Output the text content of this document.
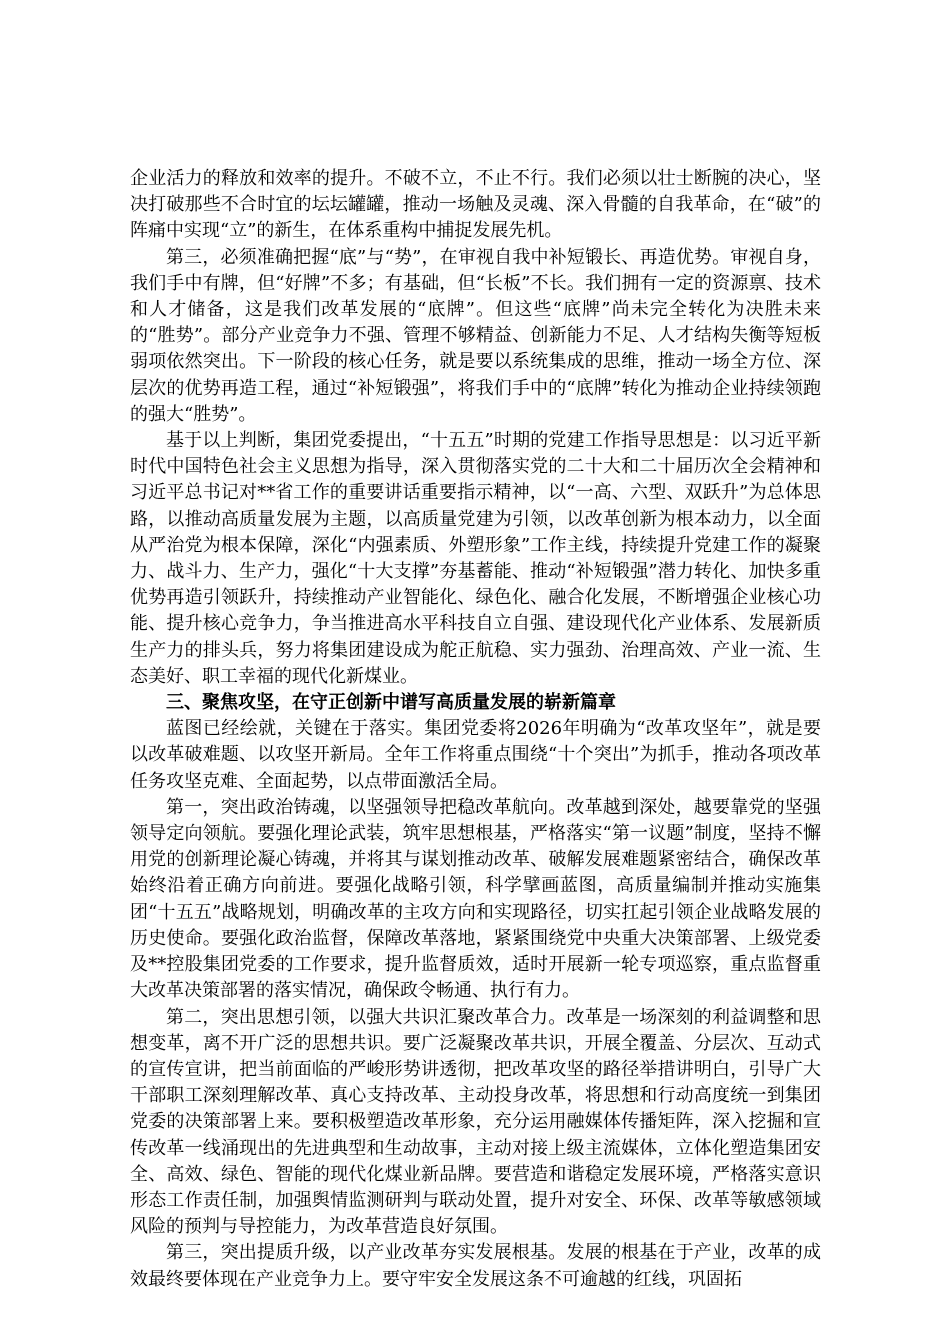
企业活力的释放和效率的提升。不破不立，不止不行。我们必须以壮士断腕的决心，坚决打破那些不合时宜的坛坛罐罐，推动一场触及灵魂、深入骨髓的自我革命，在“破”的阵痛中实现“立”的新生，在体系重构中捕捉发展先机。

第三，必须准确把握“底”与“势”，在审视自我中补短锻长、再造优势。审视自身，我们手中有牌，但“好牌”不多；有基础，但“长板”不长。我们拥有一定的资源禀、技术和人才储备，这是我们改革发展的“底牌”。但这些“底牌”尚未完全转化为决胜未来的“胜势”。部分产业竞争力不强、管理不够精益、创新能力不足、人才结构失衡等短板弱项依然突出。下一阶段的核心任务，就是要以系统集成的思维，推动一场全方位、深层次的优势再造工程，通过“补短锻强”，将我们手中的“底牌”转化为推动企业持续领跑的强大“胜势”。

基于以上判断，集团党委提出，“十五五”时期的党建工作指导思想是：以习近平新时代中国特色社会主义思想为指导，深入贯彻落实党的二十大和二十届历次全会精神和习近平总书记对**省工作的重要讲话重要指示精神，以“一高、六型、双跃升”为总体思路，以推动高质量发展为主题，以高质量党建为引领，以改革创新为根本动力，以全面从严治党为根本保障，深化“内强素质、外塑形象”工作主线，持续提升党建工作的凝聚力、战斗力、生产力，强化“十大支撑”夯基蓄能、推动“补短锻强”潜力转化、加快多重优势再造引领跃升，持续推动产业智能化、绿色化、融合化发展，不断增强企业核心功能、提升核心竞争力，争当推进高水平科技自立自强、建设现代化产业体系、发展新质生产力的排头兵，努力将集团建设成为舵正航稳、实力强劲、治理高效、产业一流、生态美好、职工幸福的现代化新煤业。

三、聚焦攻坚，在守正创新中谱写高质量发展的崭新篇章

蓝图已经绘就，关键在于落实。集团党委将2026年明确为“改革攻坚年”，就是要以改革破难题、以攻坚开新局。全年工作将重点围绕“十个突出”为抓手，推动各项改革任务攻坚克难、全面起势，以点带面激活全局。

第一，突出政治铸魂，以坚强领导把稳改革航向。改革越到深处，越要靠党的坚强领导定向领航。要强化理论武装，筑牢思想根基，严格落实“第一议题”制度，坚持不懈用党的创新理论凝心铸魂，并将其与谋划推动改革、破解发展难题紧密结合，确保改革始终沿着正确方向前进。要强化战略引领，科学擘画蓝图，高质量编制并推动实施集团“十五五”战略规划，明确改革的主攻方向和实现路径，切实扛起引领企业战略发展的历史使命。要强化政治监督，保障改革落地，紧紧围绕党中央重大决策部署、上级党委及**控股集团党委的工作要求，提升监督质效，适时开展新一轮专项巡察，重点监督重大改革决策部署的落实情况，确保政令畅通、执行有力。

第二，突出思想引领，以强大共识汇聚改革合力。改革是一场深刻的利益调整和思想变革，离不开广泛的思想共识。要广泛凝聚改革共识，开展全覆盖、分层次、互动式的宣传宣讲，把当前面临的严峻形势讲透彻，把改革攻坚的路径举措讲明白，引导广大干部职工深刻理解改革、真心支持改革、主动投身改革，将思想和行动高度统一到集团党委的决策部署上来。要积极塑造改革形象，充分运用融媒体传播矩阵，深入挖掘和宣传改革一线涌现出的先进典型和生动故事，主动对接上级主流媒体，立体化塑造集团安全、高效、绿色、智能的现代化煤业新品牌。要营造和谐稳定发展环境，严格落实意识形态工作责任制，加强舆情监测研判与联动处置，提升对安全、环保、改革等敏感领域风险的预判与导控能力，为改革营造良好氛围。

第三，突出提质升级，以产业改革夯实发展根基。发展的根基在于产业，改革的成效最终要体现在产业竞争力上。要守牢安全发展这条不可逾越的红线，巩固拓
